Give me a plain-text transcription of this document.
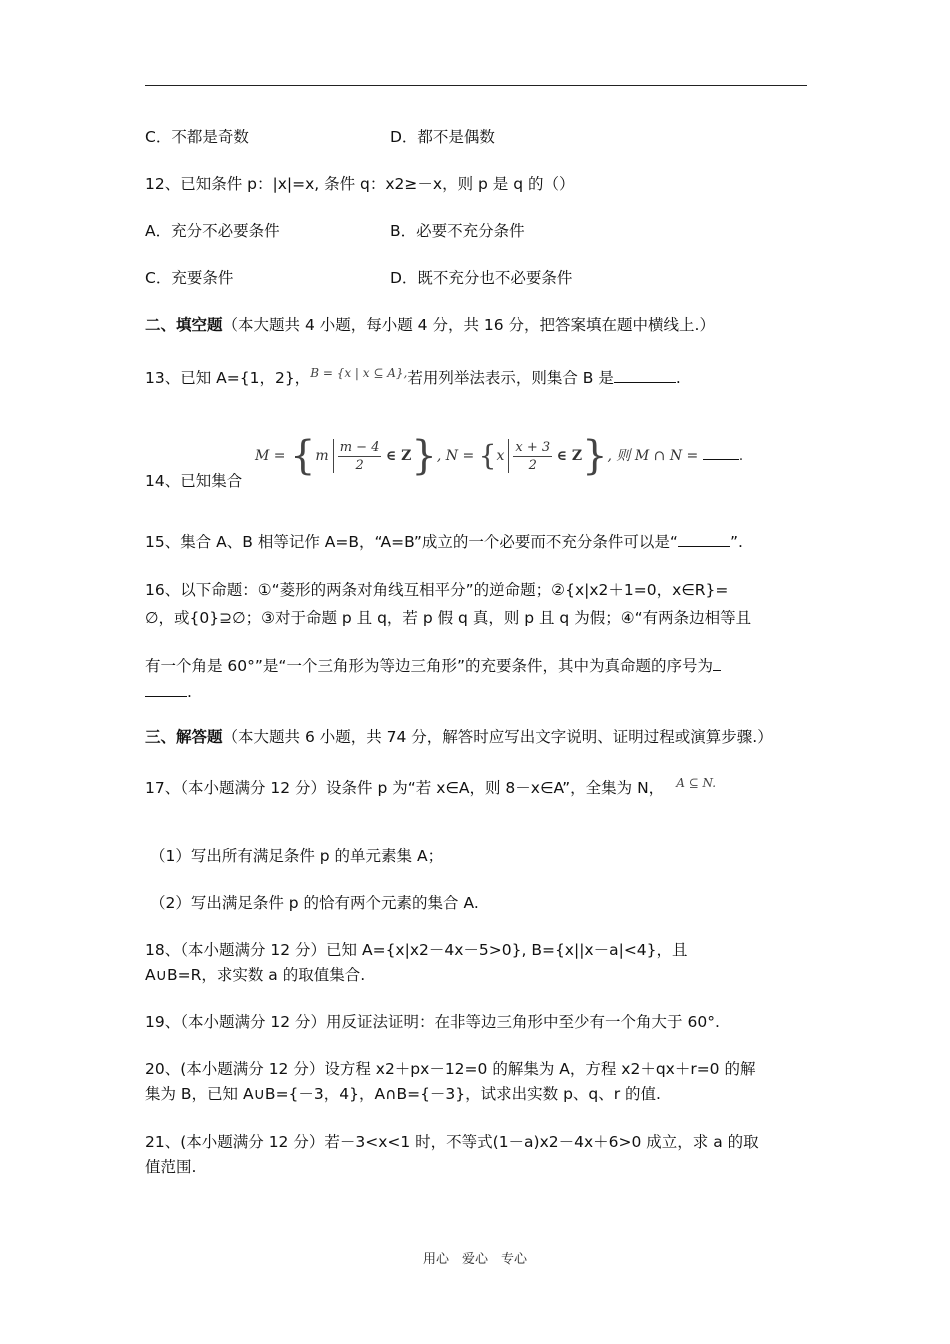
C．不都是奇数	D．都不是偶数
12、已知条件 p：|x|=x, 条件 q：x2≥－x，则 p 是 q 的（）
A．充分不必要条件	B．必要不充分条件
C．充要条件	D．既不充分也不必要条件
二、填空题（本大题共 4 小题，每小题 4 分，共 16 分，把答案填在题中横线上.）
13、已知 A={1，2}，$^{B = \{x | x ⊆ A\},}$若用列举法表示，则集合 B 是	.
14、已知集合
$M = \{m \frac{m - 4}{2}$ ∈ Z}, $N = \{x \frac{x + 3}{2}$ ∈ Z}, 则 M ∩ N =	.
15、集合 A、B 相等记作 A=B，“A=B”成立的一个必要而不充分条件可以是“	”.
16、以下命题：①“菱形的两条对角线互相平分”的逆命题；②{x|x2＋1=0，x∈R}=
∅，或{0}⊇∅；③对于命题 p 且 q，若 p 假 q 真，则 p 且 q 为假；④“有两条边相等且
有一个角是 60°”是“一个三角形为等边三角形”的充要条件，其中为真命题的序号为
.
三、解答题（本大题共 6 小题，共 74 分，解答时应写出文字说明、证明过程或演算步骤.）
17、（本小题满分 12 分）设条件 p 为“若 x∈A，则 8－x∈A”，全集为 N， $^{A ⊆ N.}$
（1）写出所有满足条件 p 的单元素集 A；
（2）写出满足条件 p 的恰有两个元素的集合 A.
18、（本小题满分 12 分）已知 A={x|x2－4x－5>0}, B={x||x－a|<4}，且
A∪B=R，求实数 a 的取值集合.
19、（本小题满分 12 分）用反证法证明：在非等边三角形中至少有一个角大于 60°.
20、(本小题满分 12 分）设方程 x2＋px－12=0 的解集为 A，方程 x2＋qx＋r=0 的解
集为 B，已知 A∪B={－3，4}，A∩B={－3}，试求出实数 p、q、r 的值.
21、(本小题满分 12 分）若－3<x<1 时，不等式(1－a)x2－4x＋6>0 成立，求 a 的取
值范围.
用心　爱心　专心
